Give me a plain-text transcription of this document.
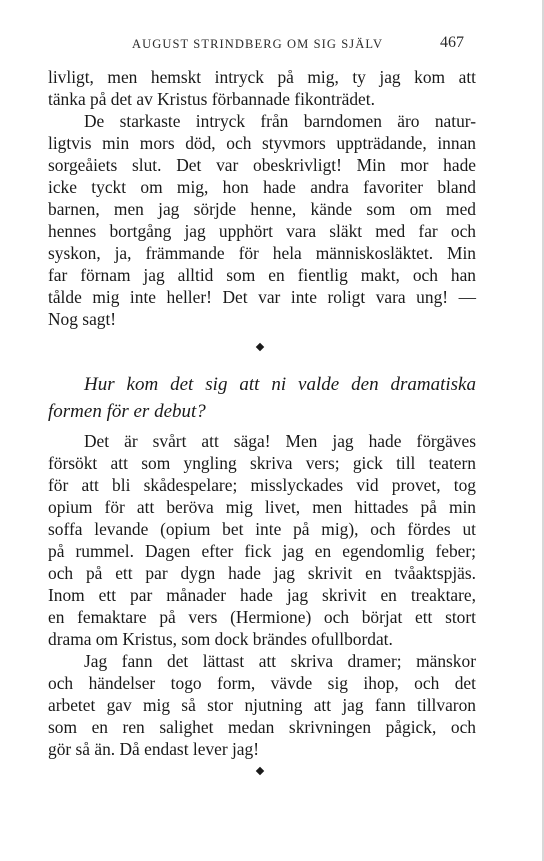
AUGUST STRINDBERG OM SIG SJÄLV	467
livligt, men hemskt intryck på mig, ty jag kom att
tänka på det av Kristus förbannade fikonträdet.
De starkaste intryck från barndomen äro natur-
ligtvis min mors död, och styvmors uppträdande, innan
sorgeåiets slut. Det var obeskrivligt! Min mor hade
icke tyckt om mig, hon hade andra favoriter bland
barnen, men jag sörjde henne, kände som om med
hennes bortgång jag upphört vara släkt med far och
syskon, ja, främmande för hela människosläktet. Min
far förnam jag alltid som en fientlig makt, och han
tålde mig inte heller! Det var inte roligt vara ung! —
Nog sagt!
Hur kom det sig att ni valde den dramatiska
formen för er debut?
Det är svårt att säga! Men jag hade förgäves
försökt att som yngling skriva vers; gick till teatern
för att bli skådespelare; misslyckades vid provet, tog
opium för att beröva mig livet, men hittades på min
soffa levande (opium bet inte på mig), och fördes ut
på rummel. Dagen efter fick jag en egendomlig feber;
och på ett par dygn hade jag skrivit en tvåaktspjäs.
Inom ett par månader hade jag skrivit en treaktare,
en femaktare på vers (Hermione) och börjat ett stort
drama om Kristus, som dock brändes ofullbordat.
Jag fann det lättast att skriva dramer; mänskor
och händelser togo form, vävde sig ihop, och det
arbetet gav mig så stor njutning att jag fann tillvaron
som en ren salighet medan skrivningen pågick, och
gör så än. Då endast lever jag!
